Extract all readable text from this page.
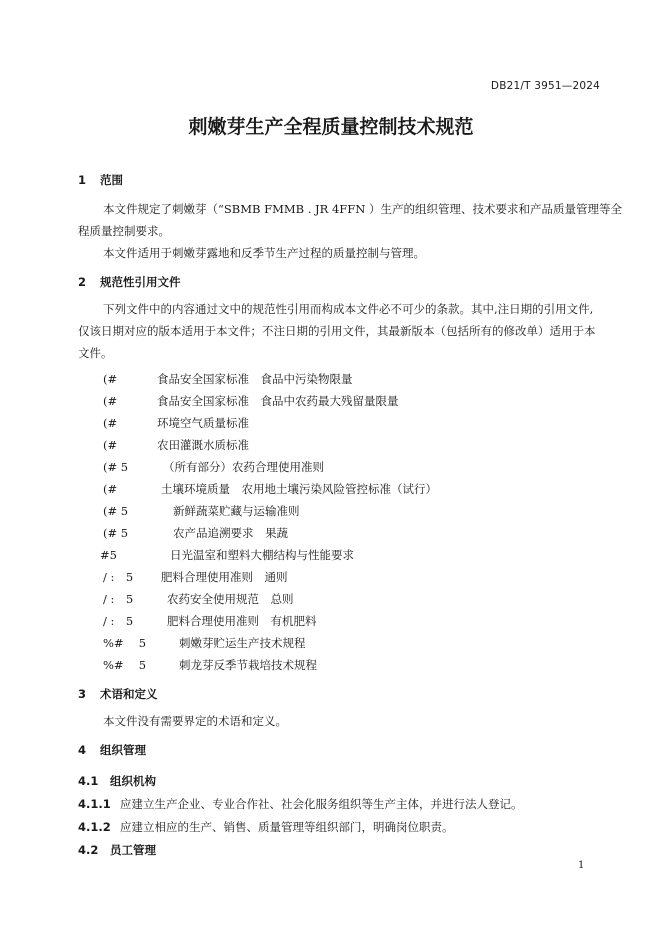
DB21/T 3951—2024
刺嫩芽生产全程质量控制技术规范
1 范围
本文件规定了刺嫩芽（“SBMB FMMB . JR 4FFN ）生产的组织管理、技术要求和产品质量管理等全
程质量控制要求。
本文件适用于刺嫩芽露地和反季节生产过程的质量控制与管理。
2 规范性引用文件
下列文件中的内容通过文中的规范性引用而构成本文件必不可少的条款。其中,注日期的引用文件,
仅该日期对应的版本适用于本文件；不注日期的引用文件，其最新版本（包括所有的修改单）适用于本
文件。
(#	食品安全国家标准　食品中污染物限量
(#	食品安全国家标准　食品中农药最大残留量限量
(#	环境空气质量标准
(#	农田灌溉水质标准
(# 5	（所有部分）农药合理使用准则
(#	土壤环境质量　农用地土壤污染风险管控标准（试行）
(# 5	新鲜蔬菜贮藏与运输准则
(# 5	农产品追溯要求　果蔬
#5	日光温室和塑料大棚结构与性能要求
/ :　5 肥料合理使用准则　通则
/ :　5	农药安全使用规范　总则
/ :　5	肥料合理使用准则　有机肥料
%#　 5	刺嫩芽贮运生产技术规程
%#　 5	刺龙芽反季节栽培技术规程
3 术语和定义
本文件没有需要界定的术语和定义。
4 组织管理
4.1 组织机构
4.1.1 应建立生产企业、专业合作社、社会化服务组织等生产主体，并进行法人登记。
4.1.2 应建立相应的生产、销售、质量管理等组织部门，明确岗位职责。
4.2 员工管理
1
